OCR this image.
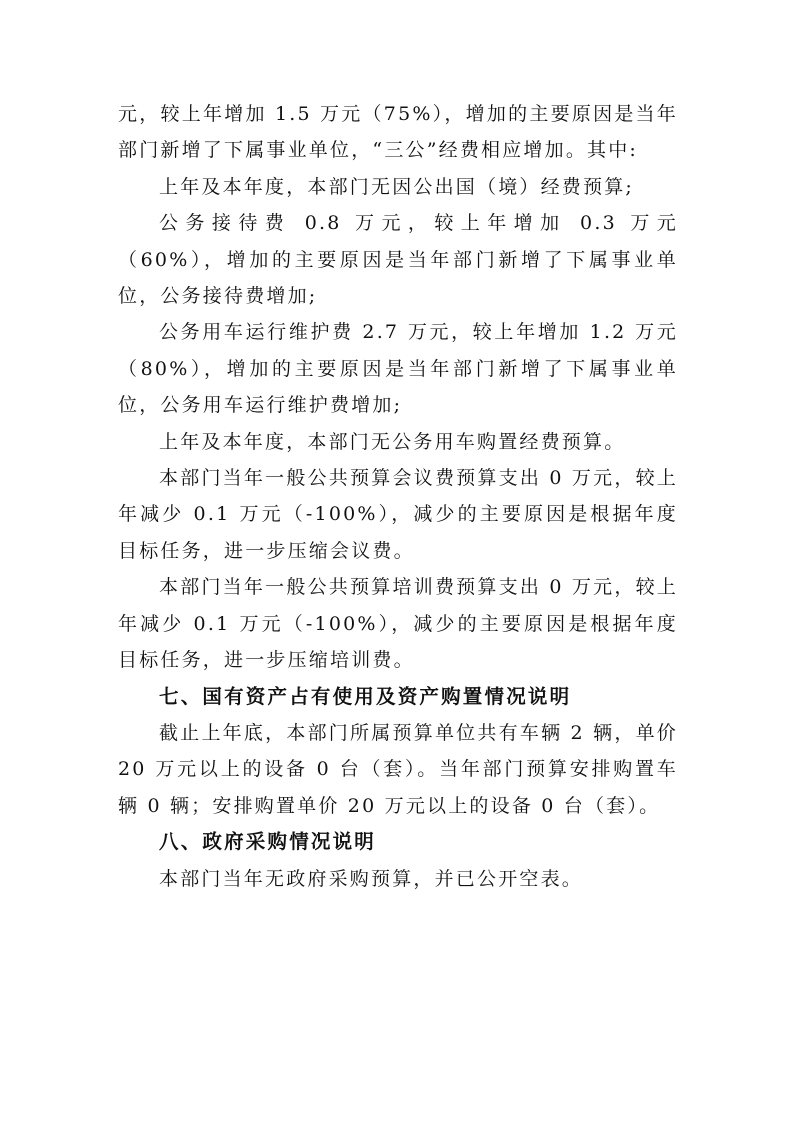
元，较上年增加 1.5 万元（75%），增加的主要原因是当年部门新增了下属事业单位，“三公”经费相应增加。其中:

上年及本年度，本部门无因公出国（境）经费预算;

公务接待费 0.8 万元，较上年增加 0.3 万元（60%），增加的主要原因是当年部门新增了下属事业单位，公务接待费增加;

公务用车运行维护费 2.7 万元，较上年增加 1.2 万元（80%），增加的主要原因是当年部门新增了下属事业单位，公务用车运行维护费增加;

上年及本年度，本部门无公务用车购置经费预算。

本部门当年一般公共预算会议费预算支出 0 万元，较上年减少 0.1 万元（-100%），减少的主要原因是根据年度目标任务，进一步压缩会议费。

本部门当年一般公共预算培训费预算支出 0 万元，较上年减少 0.1 万元（-100%），减少的主要原因是根据年度目标任务，进一步压缩培训费。

七、国有资产占有使用及资产购置情况说明

截止上年底，本部门所属预算单位共有车辆 2 辆，单价 20 万元以上的设备 0 台（套）。当年部门预算安排购置车辆 0 辆；安排购置单价 20 万元以上的设备 0 台（套）。

八、政府采购情况说明

本部门当年无政府采购预算，并已公开空表。
